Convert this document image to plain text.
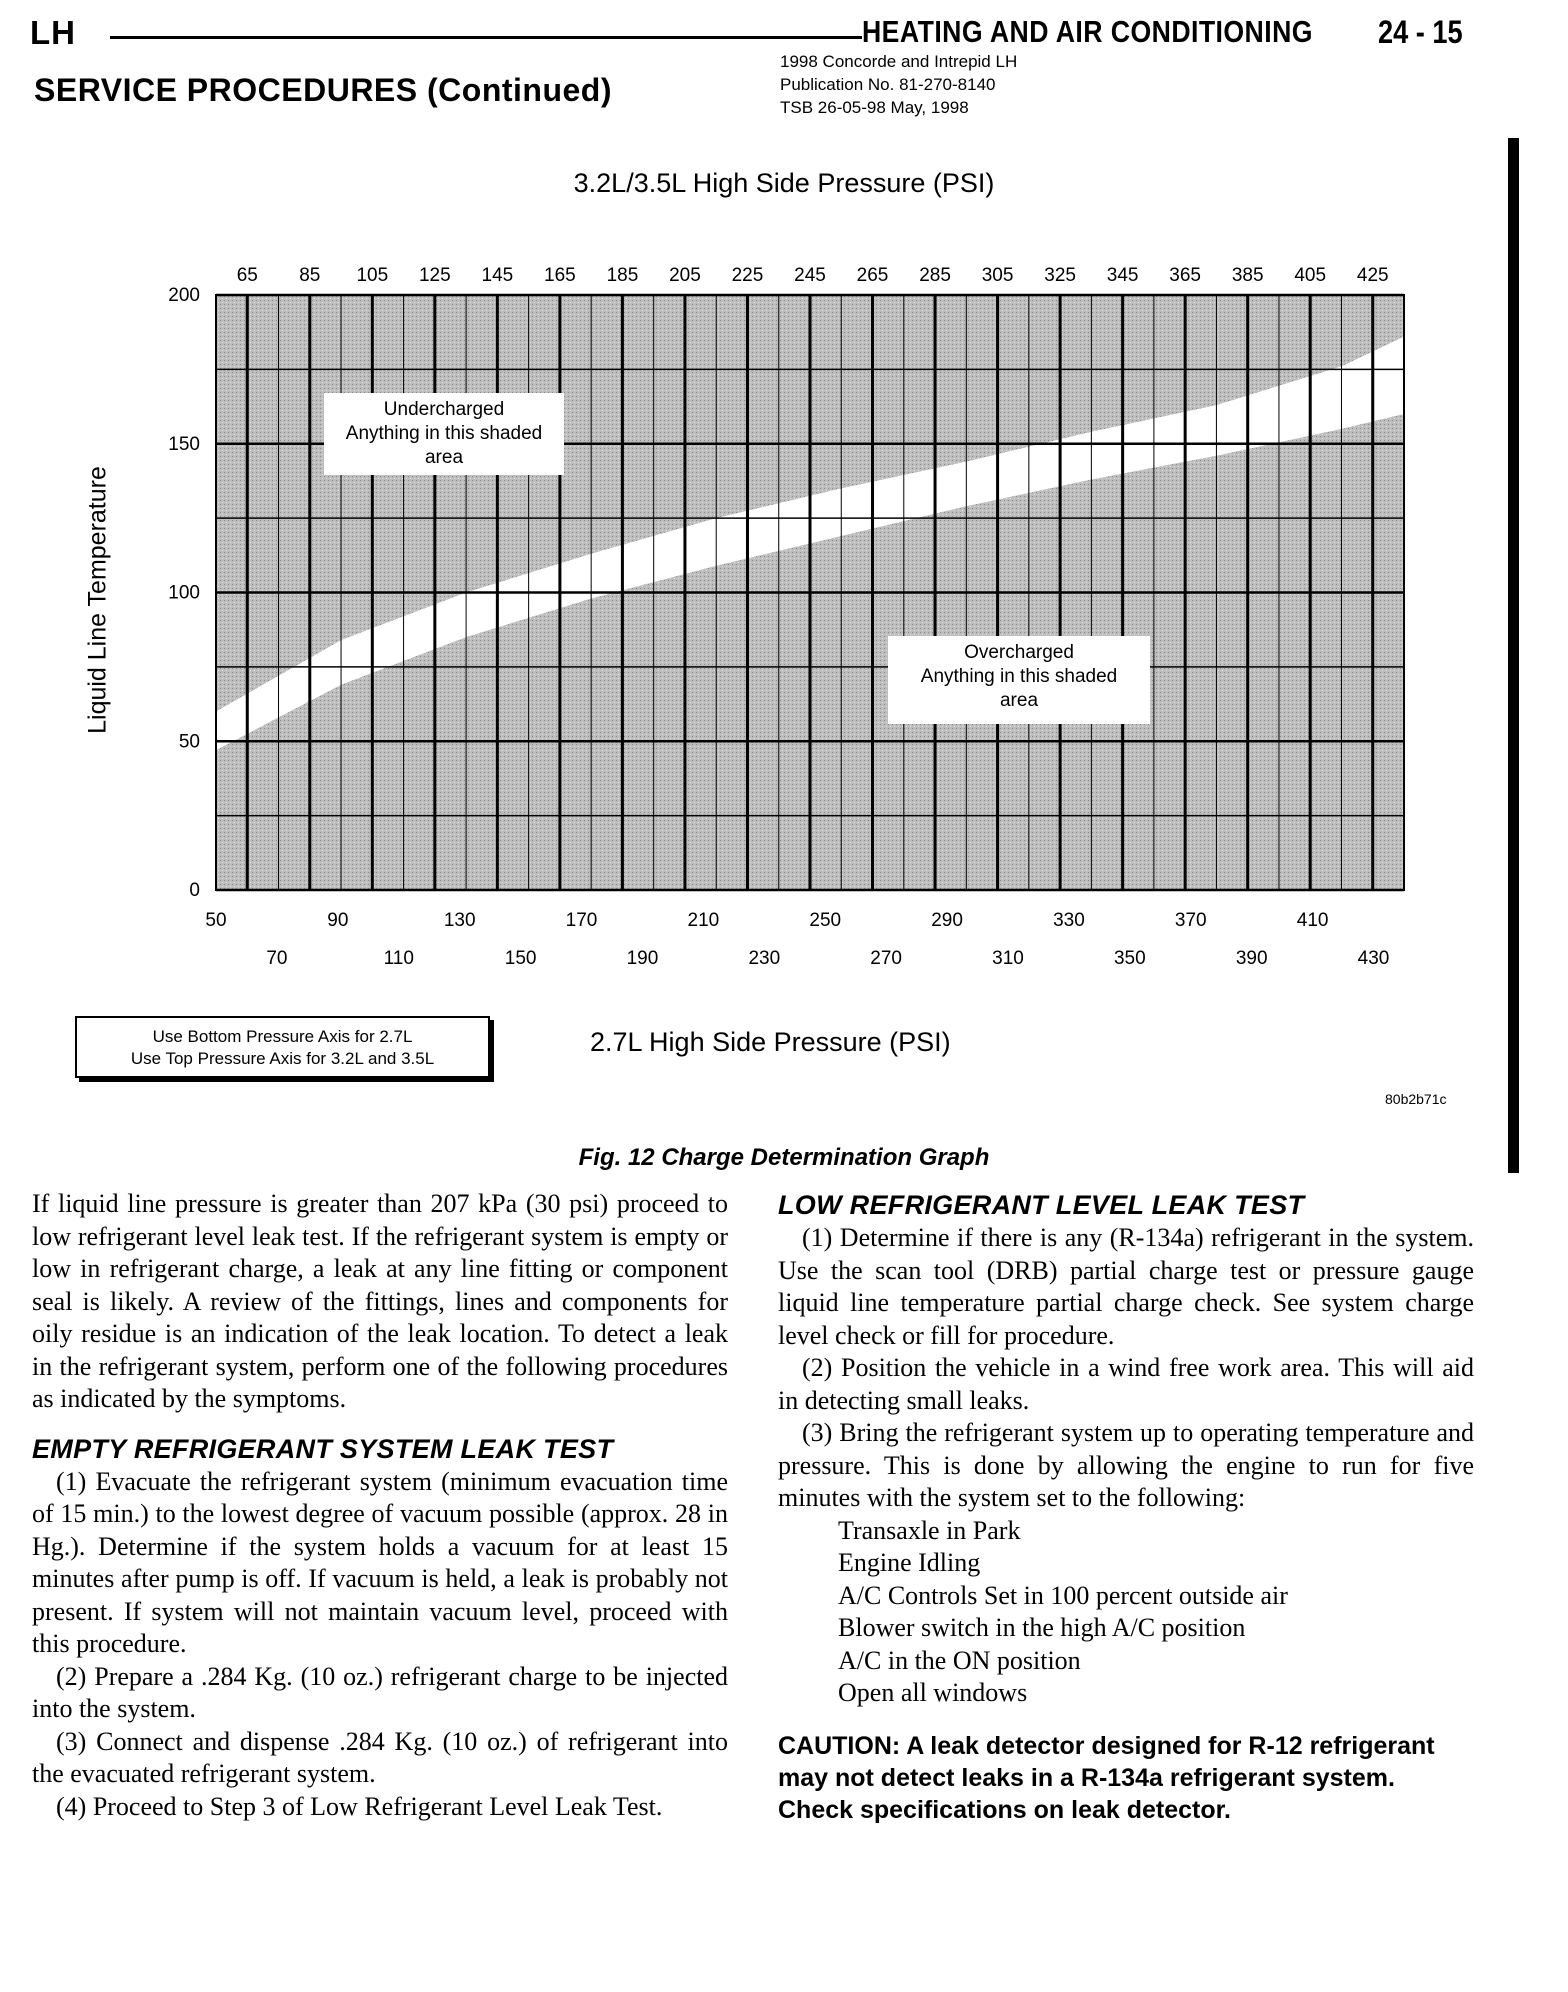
LH	HEATING AND AIR CONDITIONING 24 - 15
SERVICE PROCEDURES (Continued)
1998 Concorde and Intrepid LH
Publication No. 81-270-8140
TSB 26-05-98 May, 1998
3.2L/3.5L High Side Pressure (PSI)
Liquid Line Temperature
Undercharged
Anything in this shaded
area
Overcharged
Anything in this shaded
area
65 85 105 125 145 165 185 205 225 245 265 285 305 325 345 365 385 405 425
50	90	130	170	210	250	290	330	370	410
70	110	150	190	230	270	310	350	390	430
0
50
100
150
200
Use Bottom Pressure Axis for 2.7L
Use Top Pressure Axis for 3.2L and 3.5L
2.7L High Side Pressure (PSI)
80b2b71c
Fig. 12 Charge Determination Graph

If liquid line pressure is greater than 207 kPa (30 psi) proceed to low refrigerant level leak test. If the refrigerant system is empty or low in refrigerant charge, a leak at any line fitting or component seal is likely. A review of the fittings, lines and components for oily residue is an indication of the leak location. To detect a leak in the refrigerant system, perform one of the following procedures as indicated by the symptoms.

EMPTY REFRIGERANT SYSTEM LEAK TEST

(1) Evacuate the refrigerant system (minimum evacuation time of 15 min.) to the lowest degree of vacuum possible (approx. 28 in Hg.). Determine if the system holds a vacuum for at least 15 minutes after pump is off. If vacuum is held, a leak is probably not present. If system will not maintain vacuum level, proceed with this procedure.

(2) Prepare a .284 Kg. (10 oz.) refrigerant charge to be injected into the system.

(3) Connect and dispense .284 Kg. (10 oz.) of refrigerant into the evacuated refrigerant system.

(4) Proceed to Step 3 of Low Refrigerant Level Leak Test.

LOW REFRIGERANT LEVEL LEAK TEST

(1) Determine if there is any (R-134a) refrigerant in the system. Use the scan tool (DRB) partial charge test or pressure gauge liquid line temperature partial charge check. See system charge level check or fill for procedure.

(2) Position the vehicle in a wind free work area. This will aid in detecting small leaks.

(3) Bring the refrigerant system up to operating temperature and pressure. This is done by allowing the engine to run for five minutes with the system set to the following:

Transaxle in Park
Engine Idling
A/C Controls Set in 100 percent outside air
Blower switch in the high A/C position
A/C in the ON position
Open all windows

CAUTION: A leak detector designed for R-12 refrigerant may not detect leaks in a R-134a refrigerant system. Check specifications on leak detector.
